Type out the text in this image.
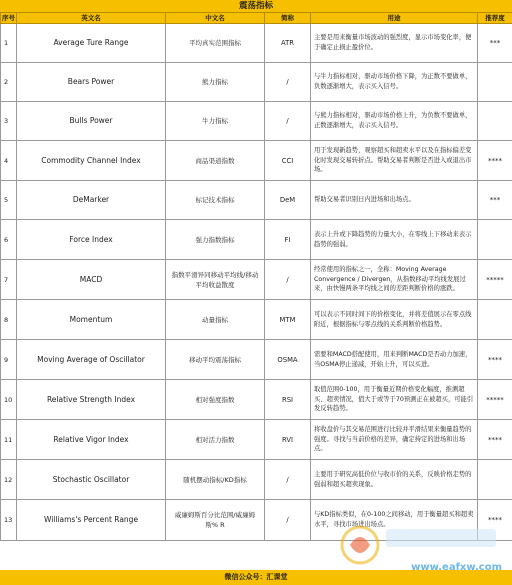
震荡指标
序号	英文名	中文名	简称	用途	推荐度
1	Average Ture Range	平均真实范围指标	ATR	主要是用来衡量市场波动的强烈度，显示市场变化率，便于确定止损止盈价位。	***
2	Bears Power	熊力指标	/	与牛力指标相对，驱动市场价格下降，为正数不要做单，负数逐渐增大，表示买入信号。	
3	Bulls Power	牛力指标	/	与熊力指标相对，驱动市场价格上升，为负数不要做单，正数逐渐增大，表示买入信号。	
4	Commodity Channel Index	商品渠道指数	CCI	用于发现新趋势，观察超买和超卖水平以及在指标偏差变化时发现交易转折点。帮助交易者判断是否进入或退出市场。	****
5	DeMarker	标记技术指标	DeM	帮助交易者识别日内进场和出场点。	***
6	Force Index	强力指数指标	FI	表示上升或下降趋势的力量大小，在零线上下移动来表示趋势的强弱。	
7	MACD	指数平滑异同移动平均线/移动平均收益散度	/	经常使用的指标之一，全称：Moving Average Convergence / Divergen，从指数移动平均线发展过来，由快慢两条平均线之间的差距判断价格的涨跌。	*****
8	Momentum	动量指标	MTM	可以表示不同时间下的价格变化，并将差值展示在零点线附近，根据指标与零点线的关系判断价格趋势。	
9	Moving Average of Oscillator	移动平均震荡指标	OSMA	需要和MACD搭配使用，用来判断MACD是否动力加速，当OSMA停止递减，开始上升，可以买进。	****
10	Relative Strength Index	相对强度指数	RSI	取值范围0-100，用于衡量近期价格变化幅度，推测超买、超卖情况，值大于或等于70预测正在被超买，可能引发反转趋势。	*****
11	Relative Vigor Index	相对活力指数	RVI	将收盘价与其交易范围进行比较并平滑结果来衡量趋势的强度。寻找与当前价格的差异，确定持定的进场和出场点。	****
12	Stochastic Oscillator	随机摆动指标/KD指标	/	主要用于研究高低价位与收市价的关系，反映价格走势的强弱和超买超卖现象。	
13	Williams's Percent Range	威廉姆斯百分比范围/威廉姆斯% R	/	与KD指标类似，在0-100之间移动，用于衡量超买和超卖水平，寻找市场进出场点。	****
微信公众号：汇课堂
www.eafxw.com
